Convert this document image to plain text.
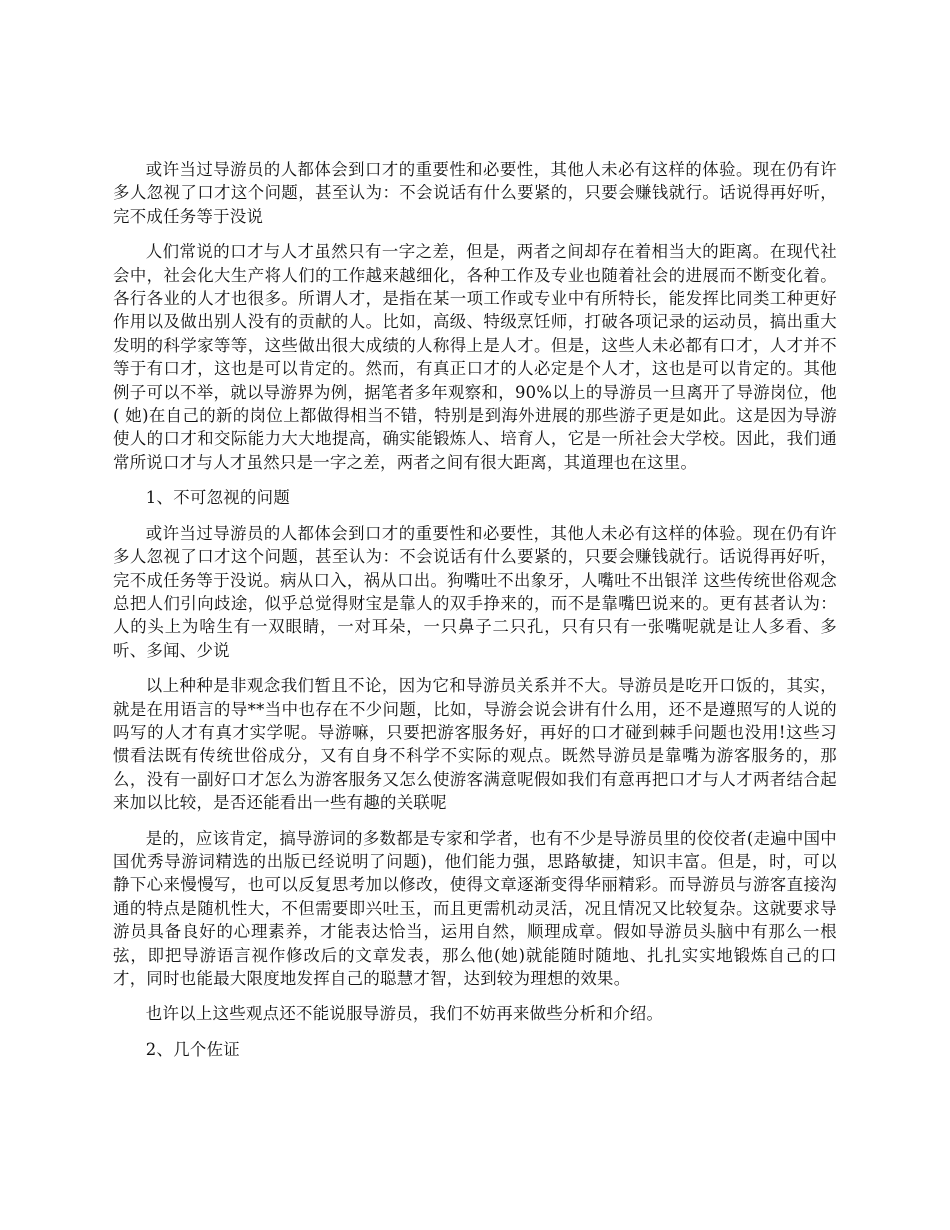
或许当过导游员的人都体会到口才的重要性和必要性，其他人未必有这样的体验。现在仍有许多人忽视了口才这个问题，甚至认为：不会说话有什么要紧的，只要会赚钱就行。话说得再好听，完不成任务等于没说

人们常说的口才与人才虽然只有一字之差，但是，两者之间却存在着相当大的距离。在现代社会中，社会化大生产将人们的工作越来越细化，各种工作及专业也随着社会的进展而不断变化着。各行各业的人才也很多。所谓人才，是指在某一项工作或专业中有所特长，能发挥比同类工种更好作用以及做出别人没有的贡献的人。比如，高级、特级烹饪师，打破各项记录的运动员，搞出重大发明的科学家等等，这些做出很大成绩的人称得上是人才。但是，这些人未必都有口才，人才并不等于有口才，这也是可以肯定的。然而，有真正口才的人必定是个人才，这也是可以肯定的。其他例子可以不举，就以导游界为例，据笔者多年观察和，90%以上的导游员一旦离开了导游岗位，他( 她)在自己的新的岗位上都做得相当不错，特别是到海外进展的那些游子更是如此。这是因为导游使人的口才和交际能力大大地提高，确实能锻炼人、培育人，它是一所社会大学校。因此，我们通常所说口才与人才虽然只是一字之差，两者之间有很大距离，其道理也在这里。

1、不可忽视的问题

或许当过导游员的人都体会到口才的重要性和必要性，其他人未必有这样的体验。现在仍有许多人忽视了口才这个问题，甚至认为：不会说话有什么要紧的，只要会赚钱就行。话说得再好听，完不成任务等于没说。病从口入，祸从口出。狗嘴吐不出象牙，人嘴吐不出银洋 这些传统世俗观念总把人们引向歧途，似乎总觉得财宝是靠人的双手挣来的，而不是靠嘴巴说来的。更有甚者认为：人的头上为啥生有一双眼睛，一对耳朵，一只鼻子二只孔，只有只有一张嘴呢就是让人多看、多听、多闻、少说

以上种种是非观念我们暂且不论，因为它和导游员关系并不大。导游员是吃开口饭的，其实，就是在用语言的导**当中也存在不少问题，比如，导游会说会讲有什么用，还不是遵照写的人说的吗写的人才有真才实学呢。导游嘛，只要把游客服务好，再好的口才碰到棘手问题也没用!这些习惯看法既有传统世俗成分，又有自身不科学不实际的观点。既然导游员是靠嘴为游客服务的，那么，没有一副好口才怎么为游客服务又怎么使游客满意呢假如我们有意再把口才与人才两者结合起来加以比较，是否还能看出一些有趣的关联呢

是的，应该肯定，搞导游词的多数都是专家和学者，也有不少是导游员里的佼佼者(走遍中国中国优秀导游词精选的出版已经说明了问题)，他们能力强，思路敏捷，知识丰富。但是，时，可以静下心来慢慢写，也可以反复思考加以修改，使得文章逐渐变得华丽精彩。而导游员与游客直接沟通的特点是随机性大，不但需要即兴吐玉，而且更需机动灵活，况且情况又比较复杂。这就要求导游员具备良好的心理素养，才能表达恰当，运用自然，顺理成章。假如导游员头脑中有那么一根弦，即把导游语言视作修改后的文章发表，那么他(她)就能随时随地、扎扎实实地锻炼自己的口才，同时也能最大限度地发挥自己的聪慧才智，达到较为理想的效果。

也许以上这些观点还不能说服导游员，我们不妨再来做些分析和介绍。

2、几个佐证
